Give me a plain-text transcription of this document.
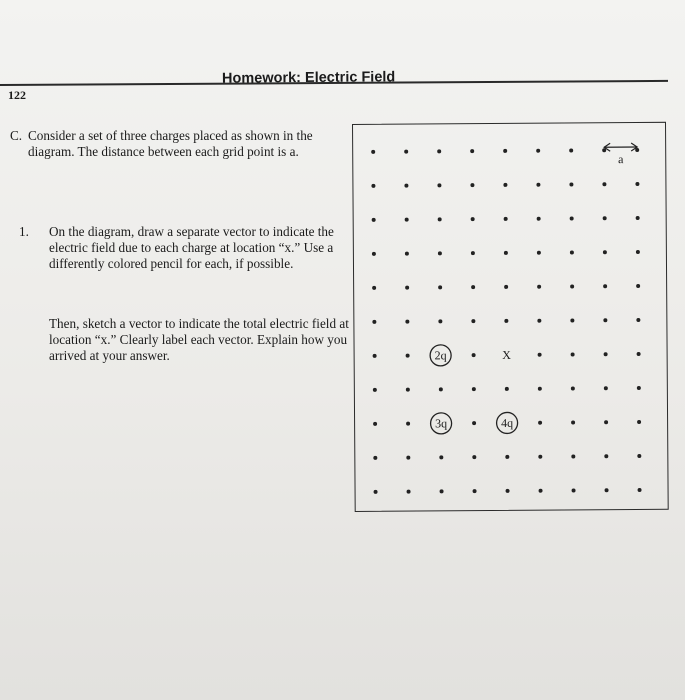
122
Homework: Electric Field
C. Consider a set of three charges placed as shown in the diagram. The distance between each grid point is a.
1. On the diagram, draw a separate vector to indicate the electric field due to each charge at location “x.” Use a differently colored pencil for each, if possible.
Then, sketch a vector to indicate the total electric field at location “x.” Clearly label each vector. Explain how you arrived at your answer.	2q
3q	4q
X
a
